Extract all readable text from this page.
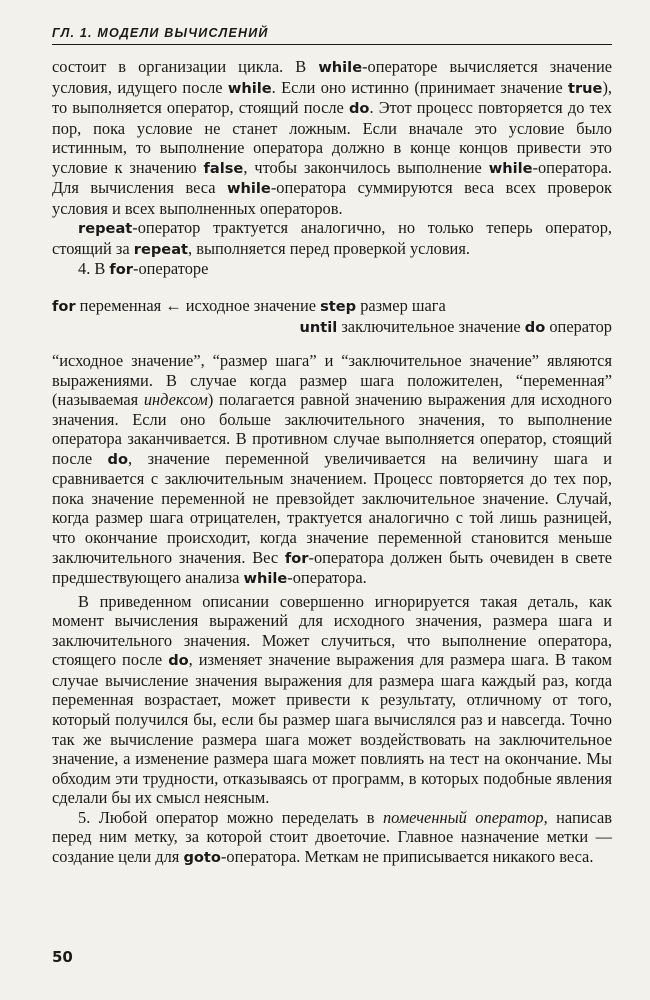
ГЛ. 1. МОДЕЛИ ВЫЧИСЛЕНИЙ

состоит в организации цикла. В while-операторе вычисляется значение условия, идущего после while. Если оно истинно (принимает значение true), то выполняется оператор, стоящий после do. Этот процесс повторяется до тех пор, пока условие не станет ложным. Если вначале это условие было истинным, то выполнение оператора должно в конце концов привести это условие к значению false, чтобы закончилось выполнение while-оператора. Для вычисления веса while-оператора суммируются веса всех проверок условия и всех выполненных операторов.

repeat-оператор трактуется аналогично, но только теперь оператор, стоящий за repeat, выполняется перед проверкой условия.

4. В for-операторе

for переменная ← исходное значение step размер шага
until заключительное значение do оператор

“исходное значение”, “размер шага” и “заключительное значение” являются выражениями. В случае когда размер шага положителен, “переменная” (называемая индексом) полагается равной значению выражения для исходного значения. Если оно больше заключительного значения, то выполнение оператора заканчивается. В противном случае выполняется оператор, стоящий после do, значение переменной увеличивается на величину шага и сравнивается с заключительным значением. Процесс повторяется до тех пор, пока значение переменной не превзойдет заключительное значение. Случай, когда размер шага отрицателен, трактуется аналогично с той лишь разницей, что окончание происходит, когда значение переменной становится меньше заключительного значения. Вес for-оператора должен быть очевиден в свете предшествующего анализа while-оператора.

В приведенном описании совершенно игнорируется такая деталь, как момент вычисления выражений для исходного значения, размера шага и заключительного значения. Может случиться, что выполнение оператора, стоящего после do, изменяет значение выражения для размера шага. В таком случае вычисление значения выражения для размера шага каждый раз, когда переменная возрастает, может привести к результату, отличному от того, который получился бы, если бы размер шага вычислялся раз и навсегда. Точно так же вычисление размера шага может воздействовать на заключительное значение, а изменение размера шага может повлиять на тест на окончание. Мы обходим эти трудности, отказываясь от программ, в которых подобные явления сделали бы их смысл неясным.

5. Любой оператор можно переделать в помеченный оператор, написав перед ним метку, за которой стоит двоеточие. Главное назначение метки — создание цели для goto-оператора. Меткам не приписывается никакого веса.

50
